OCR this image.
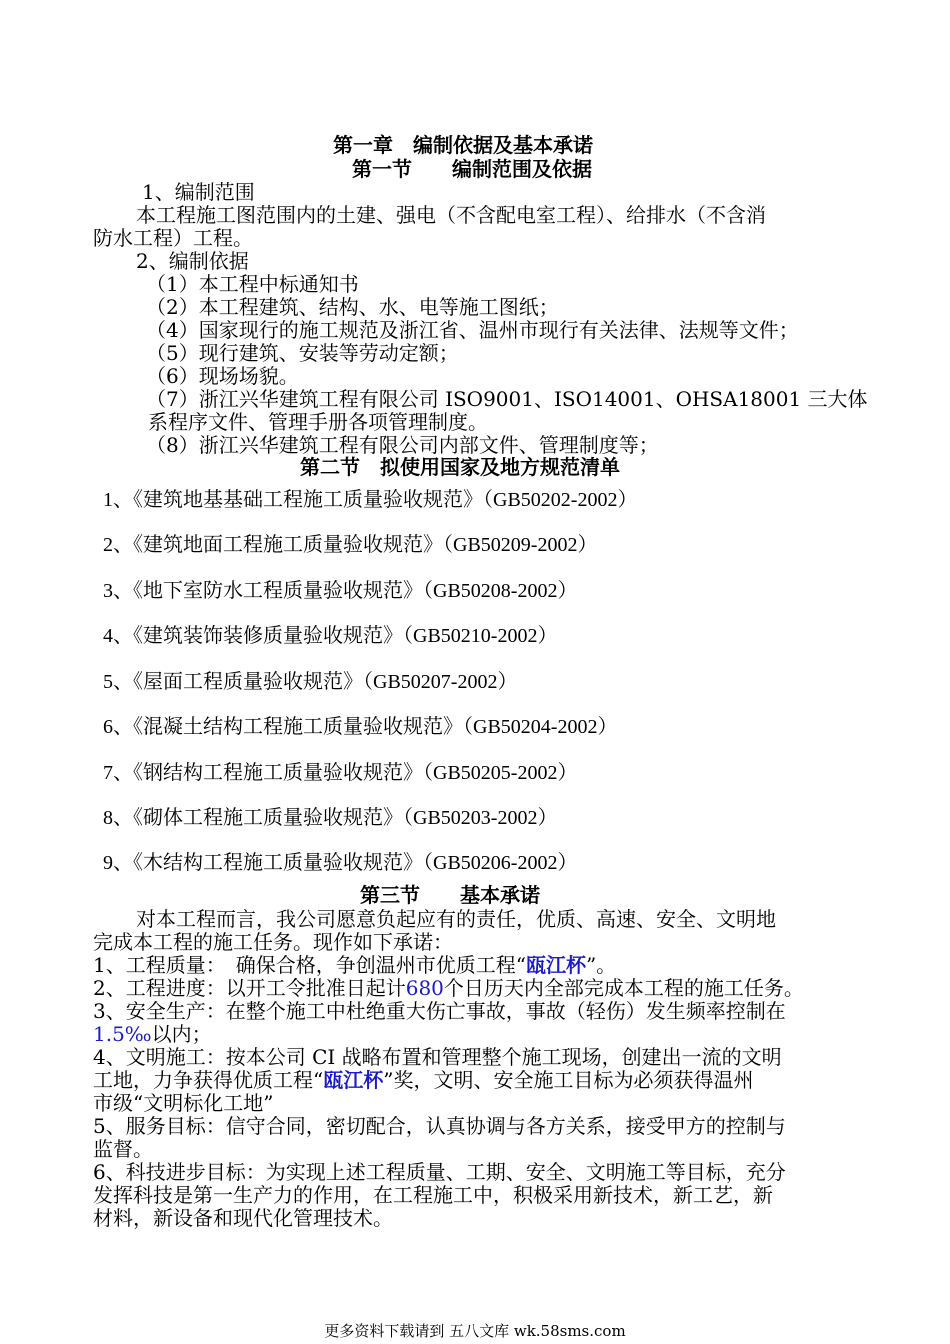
第一章　编制依据及基本承诺
第一节　　编制范围及依据
1、编制范围
本工程施工图范围内的土建、强电（不含配电室工程）、给排水（不含消
防水工程）工程。
2、编制依据
（1）本工程中标通知书
（2）本工程建筑、结构、水、电等施工图纸；
（4）国家现行的施工规范及浙江省、温州市现行有关法律、法规等文件；
（5）现行建筑、安装等劳动定额；
（6）现场场貌。
（7）浙江兴华建筑工程有限公司 ISO9001、ISO14001、OHSA18001 三大体
系程序文件、管理手册各项管理制度。
（8）浙江兴华建筑工程有限公司内部文件、管理制度等；
第二节　拟使用国家及地方规范清单
1、《建筑地基基础工程施工质量验收规范》（GB50202-2002）
2、《建筑地面工程施工质量验收规范》（GB50209-2002）
3、《地下室防水工程质量验收规范》（GB50208-2002）
4、《建筑装饰装修质量验收规范》（GB50210-2002）
5、《屋面工程质量验收规范》（GB50207-2002）
6、《混凝土结构工程施工质量验收规范》（GB50204-2002）
7、《钢结构工程施工质量验收规范》（GB50205-2002）
8、《砌体工程施工质量验收规范》（GB50203-2002）
9、《木结构工程施工质量验收规范》（GB50206-2002）
第三节　　基本承诺
对本工程而言，我公司愿意负起应有的责任，优质、高速、安全、文明地
完成本工程的施工任务。现作如下承诺：
1、工程质量：　确保合格，争创温州市优质工程“瓯江杯”。
2、工程进度：以开工令批准日起计680个日历天内全部完成本工程的施工任务。
3、安全生产：在整个施工中杜绝重大伤亡事故，事故（轻伤）发生频率控制在
1.5‰以内；
4、文明施工：按本公司 CI 战略布置和管理整个施工现场，创建出一流的文明
工地，力争获得优质工程“瓯江杯”奖，文明、安全施工目标为必须获得温州
市级“文明标化工地”
5、服务目标：信守合同，密切配合，认真协调与各方关系，接受甲方的控制与
监督。
6、科技进步目标：为实现上述工程质量、工期、安全、文明施工等目标，充分
发挥科技是第一生产力的作用，在工程施工中，积极采用新技术，新工艺，新
材料，新设备和现代化管理技术。
更多资料下载请到 五八文库 wk.58sms.com
